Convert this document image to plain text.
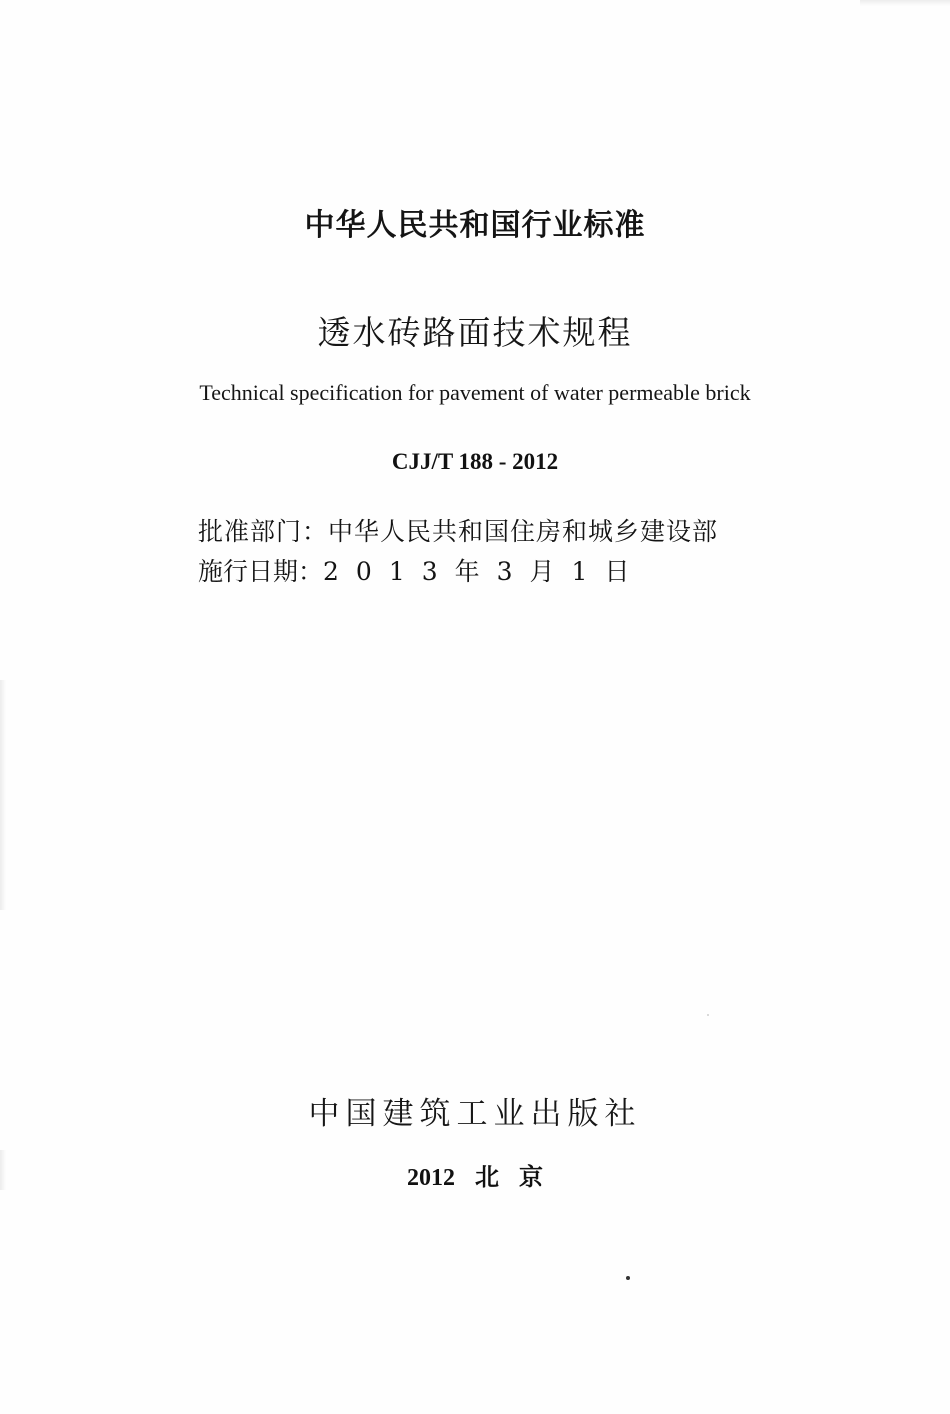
中华人民共和国行业标准
透水砖路面技术规程
Technical specification for pavement of water permeable brick
CJJ/T 188 - 2012
批准部门：中华人民共和国住房和城乡建设部
施行日期：2013年3月1日
中国建筑工业出版社
2012 北 京
